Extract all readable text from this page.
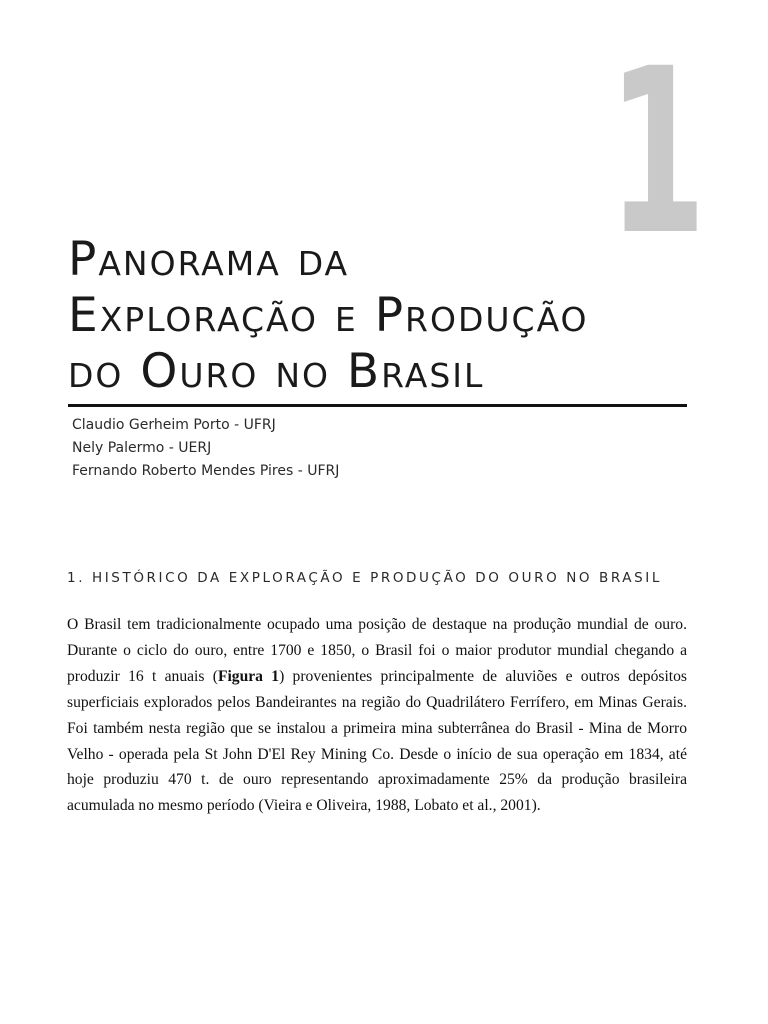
1
Panorama da
Exploração e Produção
do Ouro no Brasil
Claudio Gerheim Porto - UFRJ
Nely Palermo - UERJ
Fernando Roberto Mendes Pires - UFRJ
1. HISTÓRICO DA EXPLORAÇÃO E PRODUÇÃO DO OURO NO BRASIL

O Brasil tem tradicionalmente ocupado uma posição de destaque na produção mundial de ouro. Durante o ciclo do ouro, entre 1700 e 1850, o Brasil foi o maior produtor mundial chegando a produzir 16 t anuais (Figura 1) provenientes principalmente de aluviões e outros depósitos superficiais explorados pelos Bandeirantes na região do Quadrilátero Ferrífero, em Minas Gerais. Foi também nesta região que se instalou a primeira mina subterrânea do Brasil - Mina de Morro Velho - operada pela St John D'El Rey Mining Co. Desde o início de sua operação em 1834, até hoje produziu 470 t. de ouro representando aproximadamente 25% da produção brasileira acumulada no mesmo período (Vieira e Oliveira, 1988, Lobato et al., 2001).
